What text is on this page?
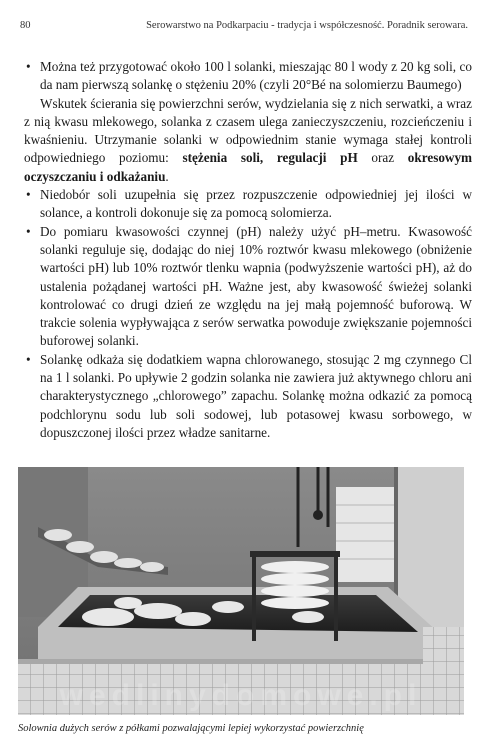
80	Serowarstwo na Podkarpaciu - tradycja i współczesność. Poradnik serowara.

• Można też przygotować około 100 l solanki, mieszając 80 l wody z 20 kg soli, co da nam pierwszą solankę o stężeniu 20% (czyli 20°Bé na solomierzu Baumego)

Wskutek ścierania się powierzchni serów, wydzielania się z nich serwatki, a wraz z nią kwasu mlekowego, solanka z czasem ulega zanieczyszczeniu, rozcieńczeniu i kwaśnieniu. Utrzymanie solanki w odpowiednim stanie wymaga stałej kontroli odpowiedniego poziomu: stężenia soli, regulacji pH oraz okresowym oczyszczaniu i odkażaniu.

• Niedobór soli uzupełnia się przez rozpuszczenie odpowiedniej jej ilości w solance, a kontroli dokonuje się za pomocą solomierza.

• Do pomiaru kwasowości czynnej (pH) należy użyć pH–metru. Kwasowość solanki reguluje się, dodając do niej 10% roztwór kwasu mlekowego (obniżenie wartości pH) lub 10% roztwór tlenku wapnia (podwyższenie wartości pH), aż do ustalenia pożądanej wartości pH. Ważne jest, aby kwasowość świeżej solanki kontrolować co drugi dzień ze względu na jej małą pojemność buforową. W trakcie solenia wypływająca z serów serwatka powoduje zwiększanie pojemności buforowej solanki.

• Solankę odkaża się dodatkiem wapna chlorowanego, stosując 2 mg czynnego Cl na 1 l solanki. Po upływie 2 godzin solanka nie zawiera już aktywnego chloru ani charakterystycznego „chlorowego” zapachu. Solankę można odkazić za pomocą podchlorynu sodu lub soli sodowej, lub potasowej kwasu sorbowego, w dopuszczonej ilości przez władze sanitarne.

wedlinydomowe.pl
Solownia dużych serów z półkami pozwalającymi lepiej wykorzystać powierzchnię
